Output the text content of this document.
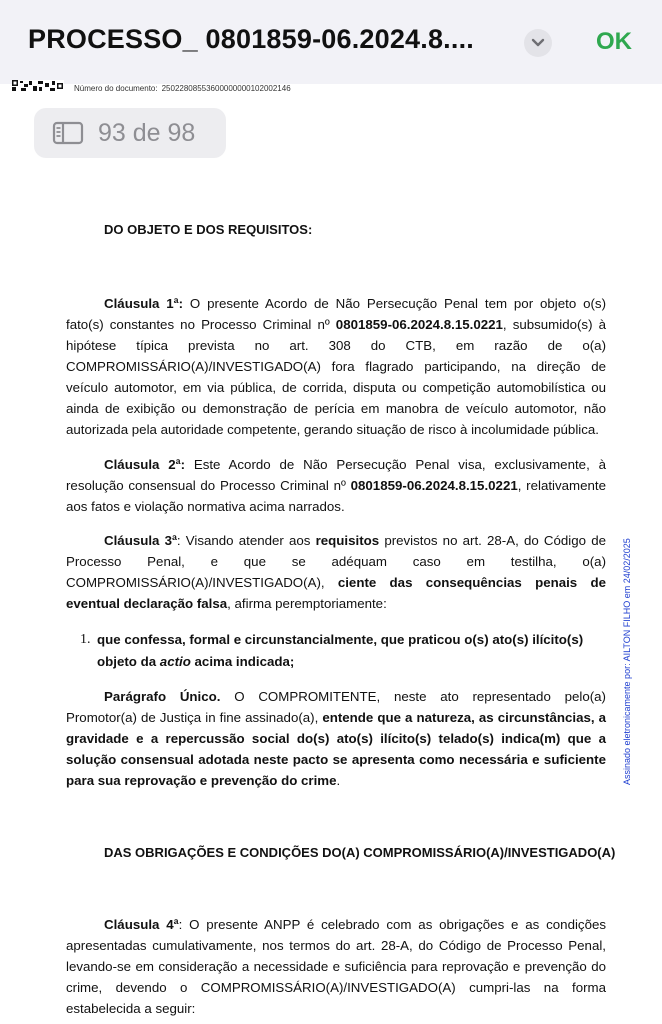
PROCESSO_ 0801859-06.2024.8....	OK
Número do documento: 25022808553600000000102002146
93 de 98
DO OBJETO E DOS REQUISITOS:
Cláusula 1ª: O presente Acordo de Não Persecução Penal tem por objeto o(s) fato(s) constantes no Processo Criminal nº 0801859-06.2024.8.15.0221, subsumido(s) à hipótese típica prevista no art. 308 do CTB, em razão de o(a) COMPROMISSÁRIO(A)/INVESTIGADO(A) fora flagrado participando, na direção de veículo automotor, em via pública, de corrida, disputa ou competição automobilística ou ainda de exibição ou demonstração de perícia em manobra de veículo automotor, não autorizada pela autoridade competente, gerando situação de risco à incolumidade pública.
Cláusula 2ª: Este Acordo de Não Persecução Penal visa, exclusivamente, à resolução consensual do Processo Criminal nº 0801859-06.2024.8.15.0221, relativamente aos fatos e violação normativa acima narrados.
Cláusula 3ª: Visando atender aos requisitos previstos no art. 28-A, do Código de Processo Penal, e que se adéquam caso em testilha, o(a) COMPROMISSÁRIO(A)/INVESTIGADO(A), ciente das consequências penais de eventual declaração falsa, afirma peremptoriamente:
1. que confessa, formal e circunstancialmente, que praticou o(s) ato(s) ilícito(s) objeto da actio acima indicada;
Parágrafo Único. O COMPROMITENTE, neste ato representado pelo(a) Promotor(a) de Justiça in fine assinado(a), entende que a natureza, as circunstâncias, a gravidade e a repercussão social do(s) ato(s) ilícito(s) telado(s) indica(m) que a solução consensual adotada neste pacto se apresenta como necessária e suficiente para sua reprovação e prevenção do crime.
DAS OBRIGAÇÕES E CONDIÇÕES DO(A) COMPROMISSÁRIO(A)/INVESTIGADO(A)
Cláusula 4ª: O presente ANPP é celebrado com as obrigações e as condições apresentadas cumulativamente, nos termos do art. 28-A, do Código de Processo Penal, levando-se em consideração a necessidade e suficiência para reprovação e prevenção do crime, devendo o COMPROMISSÁRIO(A)/INVESTIGADO(A) cumpri-las na forma estabelecida a seguir:
Assinado eletronicamente por: AILTON FILHO em 24/02/2025
